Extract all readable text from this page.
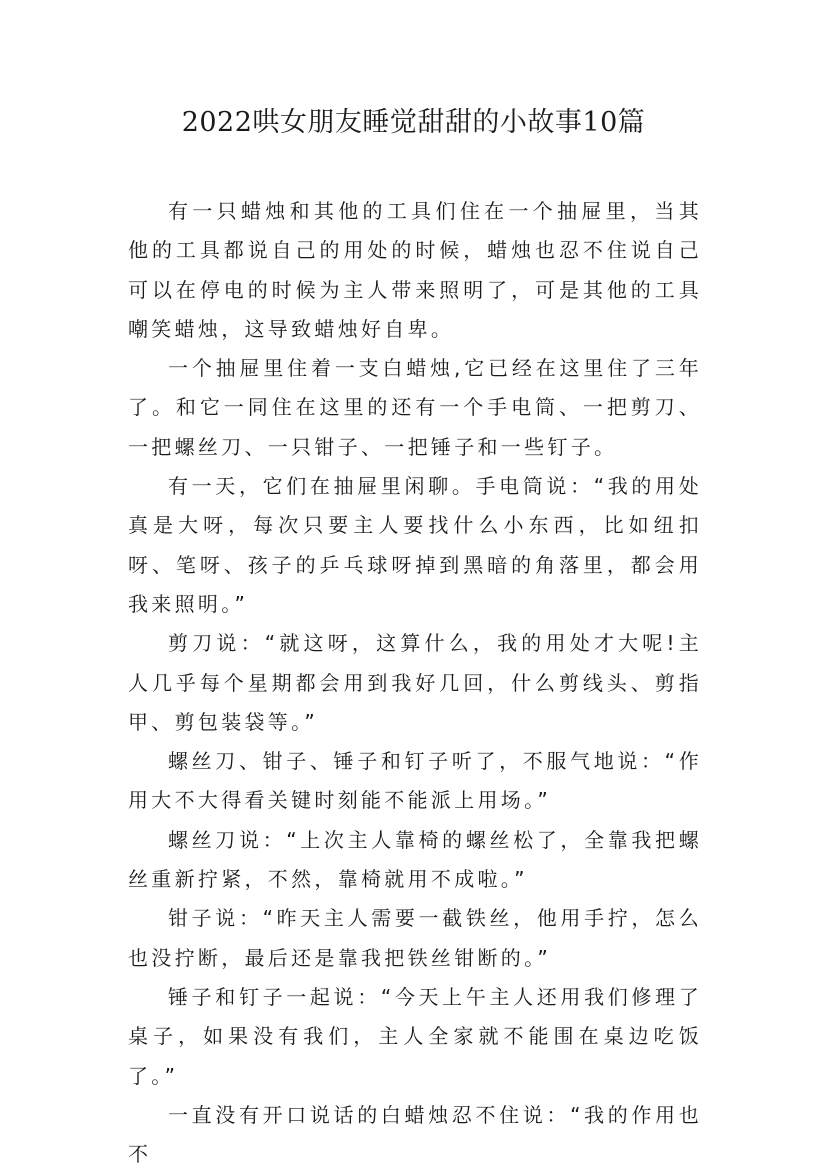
2022哄女朋友睡觉甜甜的小故事10篇

有一只蜡烛和其他的工具们住在一个抽屉里，当其他的工具都说自己的用处的时候，蜡烛也忍不住说自己可以在停电的时候为主人带来照明了，可是其他的工具嘲笑蜡烛，这导致蜡烛好自卑。

一个抽屉里住着一支白蜡烛,它已经在这里住了三年了。和它一同住在这里的还有一个手电筒、一把剪刀、一把螺丝刀、一只钳子、一把锤子和一些钉子。

有一天，它们在抽屉里闲聊。手电筒说：“我的用处真是大呀，每次只要主人要找什么小东西，比如纽扣呀、笔呀、孩子的乒乓球呀掉到黑暗的角落里，都会用我来照明。”

剪刀说：“就这呀，这算什么，我的用处才大呢!主人几乎每个星期都会用到我好几回，什么剪线头、剪指甲、剪包装袋等。”

螺丝刀、钳子、锤子和钉子听了，不服气地说：“作用大不大得看关键时刻能不能派上用场。”

螺丝刀说：“上次主人靠椅的螺丝松了，全靠我把螺丝重新拧紧，不然，靠椅就用不成啦。”

钳子说：“昨天主人需要一截铁丝，他用手拧，怎么也没拧断，最后还是靠我把铁丝钳断的。”

锤子和钉子一起说：“今天上午主人还用我们修理了桌子，如果没有我们，主人全家就不能围在桌边吃饭了。”

一直没有开口说话的白蜡烛忍不住说：“我的作用也不
